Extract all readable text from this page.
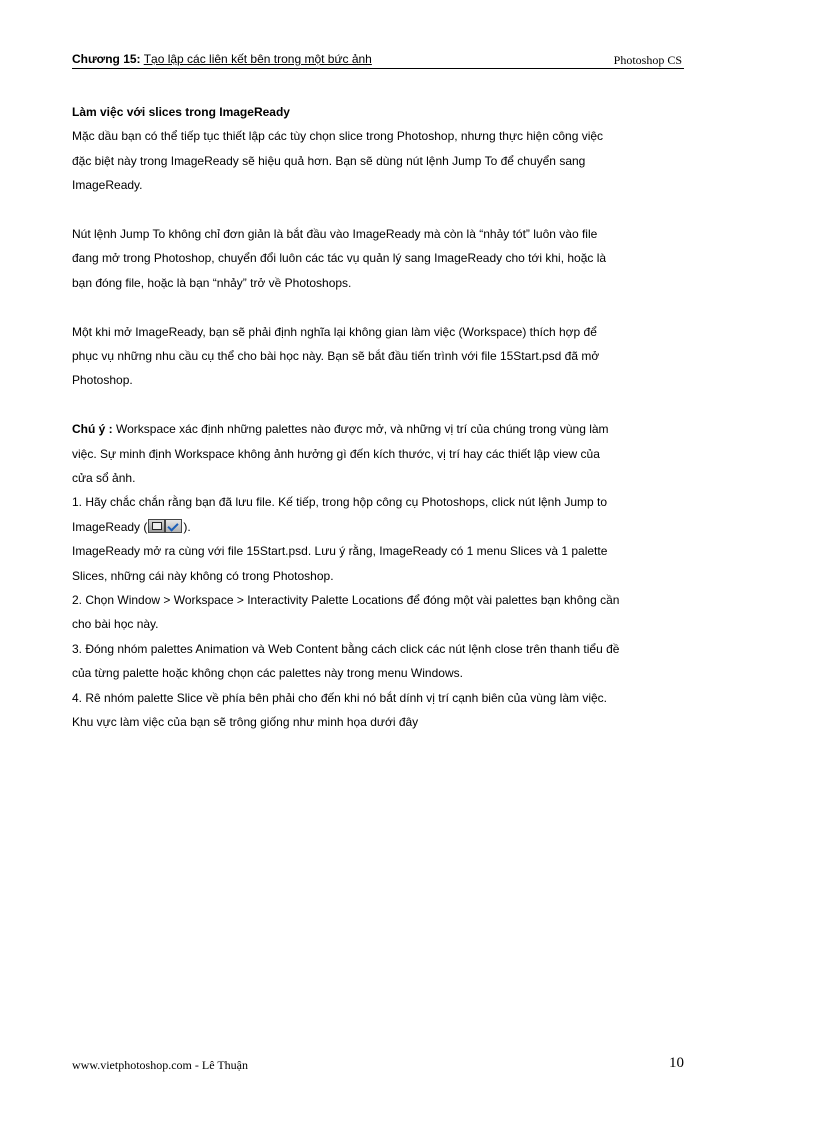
Chương 15: Tạo lập các liên kết bên trong một bức ảnh	Photoshop CS

Làm việc với slices trong ImageReady

Mặc dầu bạn có thể tiếp tục thiết lập các tùy chọn slice trong Photoshop, nhưng thực hiện công việc

đặc biệt này trong ImageReady sẽ hiệu quả hơn. Bạn sẽ dùng nút lệnh Jump To để chuyển sang

ImageReady.

Nút lệnh Jump To không chỉ đơn giản là bắt đầu vào ImageReady mà còn là “nhảy tót” luôn vào file

đang mở trong Photoshop, chuyển đổi luôn các tác vụ quản lý sang ImageReady cho tới khi, hoặc là

bạn đóng file, hoặc là bạn “nhảy” trở về Photoshops.

Một khi mở ImageReady, bạn sẽ phải định nghĩa lại không gian làm việc (Workspace) thích hợp để

phục vụ những nhu cầu cụ thể cho bài học này. Bạn sẽ bắt đầu tiến trình với file 15Start.psd đã mở

Photoshop.

Chú ý : Workspace xác định những palettes nào được mở, và những vị trí của chúng trong vùng làm

việc. Sự minh định Workspace không ảnh hưởng gì đến kích thước, vị trí hay các thiết lập view của

cửa sổ ảnh.

1. Hãy chắc chắn rằng bạn đã lưu file. Kế tiếp, trong hộp công cụ Photoshops, click nút lệnh Jump to

ImageReady (	).

ImageReady mở ra cùng với file 15Start.psd. Lưu ý rằng, ImageReady có 1 menu Slices và 1 palette

Slices, những cái này không có trong Photoshop.

2. Chọn Window > Workspace > Interactivity Palette Locations để đóng một vài palettes bạn không cần

cho bài học này.

3. Đóng nhóm palettes Animation và Web Content bằng cách click các nút lệnh close trên thanh tiểu đề

của từng palette hoặc không chọn các palettes này trong menu Windows.

4. Rê nhóm palette Slice về phía bên phải cho đến khi nó bắt dính vị trí cạnh biên của vùng làm việc.

Khu vực làm việc của bạn sẽ trông giống như minh họa dưới đây

www.vietphotoshop.com - Lê Thuận	10
